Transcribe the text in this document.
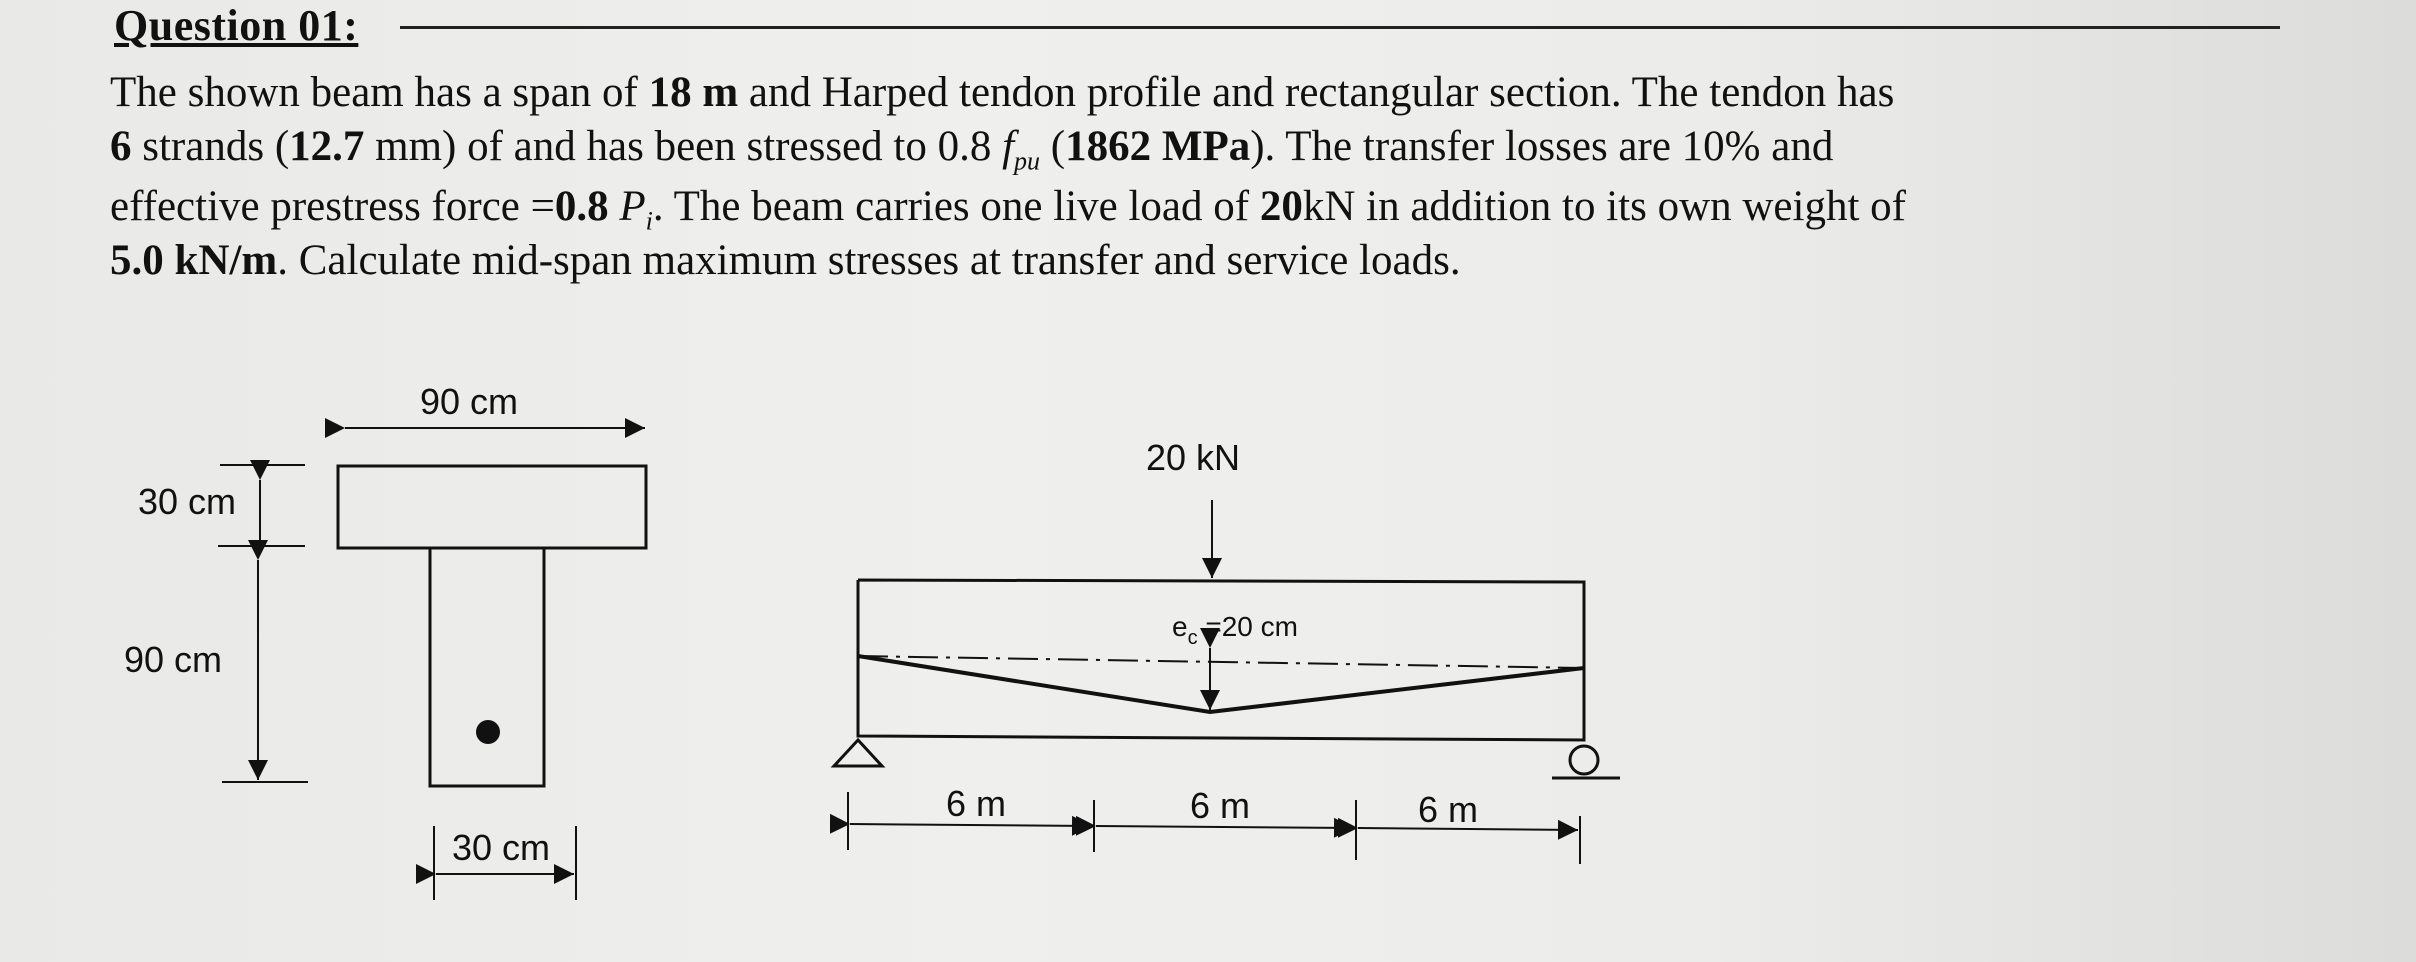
Question 01:
The shown beam has a span of 18 m and Harped tendon profile and rectangular section. The tendon has
6 strands (12.7 mm) of and has been stressed to 0.8 $f_{pu}$ (1862 MPa). The transfer losses are 10% and
effective prestress force =0.8 $P_i$. The beam carries one live load of 20kN in addition to its own weight of
5.0 kN/m. Calculate mid-span maximum stresses at transfer and service loads.
90 cm
30 cm
90 cm
30 cm
20 kN
$e_c =20$ cm
6 m	6 m	6 m
